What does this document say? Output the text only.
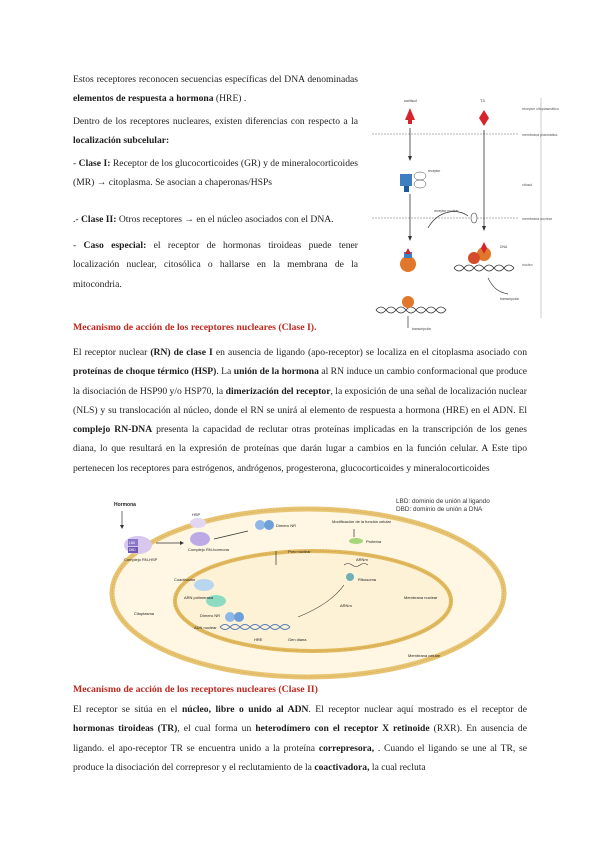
Estos receptores reconocen secuencias específicas del DNA denominadas elementos de respuesta a hormona (HRE) .

Dentro de los receptores nucleares, existen diferencias con respecto a la localización subcelular:

- Clase I: Receptor de los glucocorticoides (GR) y de mineralocorticoides (MR) → citoplasma. Se asocian a chaperonas/HSPs

.- Clase II: Otros receptores → en el núcleo asociados con el DNA.

- Caso especial: el receptor de hormonas tiroideas puede tener localización nuclear, citosólica o hallarse en la membrana de la mitocondria.

receptor citoplasmático
membrana plasmática
citosol
membrana nuclear
núcleo
cortisol	T3
receptor
receptor nuclear
DNA
transcripción
transcripción

Mecanismo de acción de los receptores nucleares (Clase I).

El receptor nuclear (RN) de clase I en ausencia de ligando (apo-receptor) se localiza en el citoplasma asociado con proteínas de choque térmico (HSP). La unión de la hormona al RN induce un cambio conformacional que produce la disociación de HSP90 y/o HSP70, la dimerización del receptor, la exposición de una señal de localización nuclear (NLS) y su translocación al núcleo, donde el RN se unirá al elemento de respuesta a hormona (HRE) en el ADN. El complejo RN-DNA presenta la capacidad de reclutar otras proteínas implicadas en la transcripción de los genes diana, lo que resultará en la expresión de proteínas que darán lugar a cambios en la función celular. A Este tipo pertenecen los receptores para estrógenos, andrógenos, progesterona, glucocorticoides y mineralocorticoides

LBD: dominio de unión al ligando
DBD: dominio de unión a DNA
Hormona
LBD
DBD
Complejo RN-HSP
HSP
Complejo RN-hormona
Dímero NR
Poro nuclear
Modificación de la función celular
Proteína
ARNm
Ribosoma
Coactivador
ARN polimerasa
Dímero NR
ADN nuclear
HRE	Gen diana
ARNm
Membrana nuclear
Citoplasma
Membrana celular

Mecanismo de acción de los receptores nucleares (Clase II)

El receptor se sitúa en el núcleo, libre o unido al ADN. El receptor nuclear aquí mostrado es el receptor de hormonas tiroideas (TR), el cual forma un heterodímero con el receptor X retinoide (RXR). En ausencia de ligando. el apo-receptor TR se encuentra unido a la proteína correpresora, . Cuando el ligando se une al TR, se produce la disociación del correpresor y el reclutamiento de la coactivadora, la cual recluta
